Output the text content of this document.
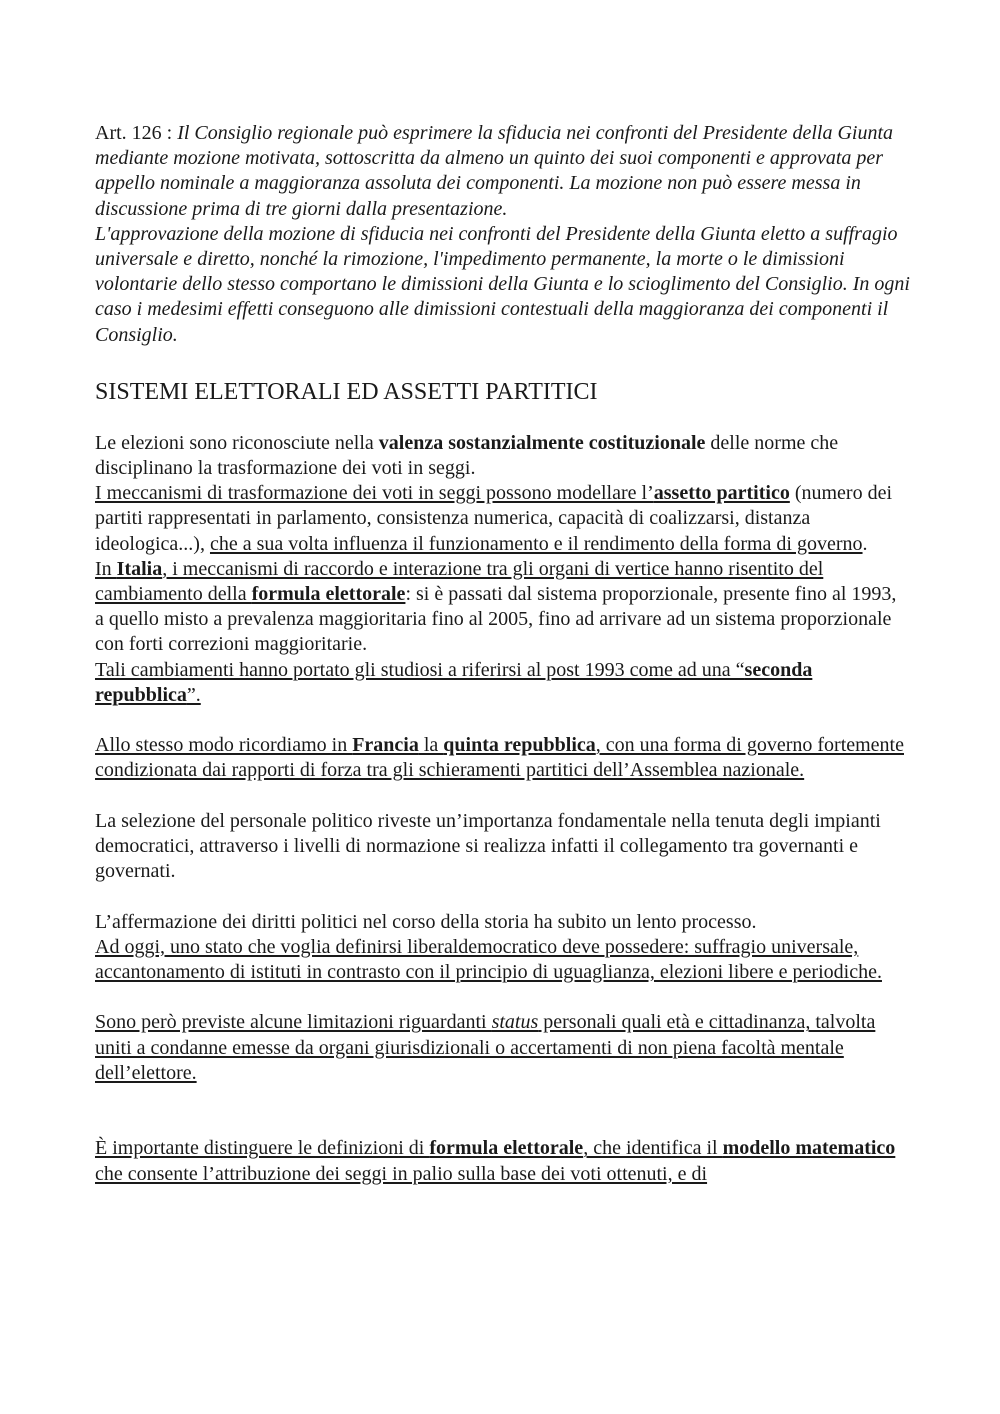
Art. 126 : Il Consiglio regionale può esprimere la sfiducia nei confronti del Presidente della Giunta mediante mozione motivata, sottoscritta da almeno un quinto dei suoi componenti e approvata per appello nominale a maggioranza assoluta dei componenti. La mozione non può essere messa in discussione prima di tre giorni dalla presentazione.
L'approvazione della mozione di sfiducia nei confronti del Presidente della Giunta eletto a suffragio universale e diretto, nonché la rimozione, l'impedimento permanente, la morte o le dimissioni volontarie dello stesso comportano le dimissioni della Giunta e lo scioglimento del Consiglio. In ogni caso i medesimi effetti conseguono alle dimissioni contestuali della maggioranza dei componenti il Consiglio.

SISTEMI ELETTORALI ED ASSETTI PARTITICI

Le elezioni sono riconosciute nella valenza sostanzialmente costituzionale delle norme che disciplinano la trasformazione dei voti in seggi.

I meccanismi di trasformazione dei voti in seggi possono modellare l’assetto partitico (numero dei partiti rappresentati in parlamento, consistenza numerica, capacità di coalizzarsi, distanza ideologica...), che a sua volta influenza il funzionamento e il rendimento della forma di governo.

In Italia, i meccanismi di raccordo e interazione tra gli organi di vertice hanno risentito del cambiamento della formula elettorale: si è passati dal sistema proporzionale, presente fino al 1993, a quello misto a prevalenza maggioritaria fino al 2005, fino ad arrivare ad un sistema proporzionale con forti correzioni maggioritarie.

Tali cambiamenti hanno portato gli studiosi a riferirsi al post 1993 come ad una “seconda repubblica”.

Allo stesso modo ricordiamo in Francia la quinta repubblica, con una forma di governo fortemente condizionata dai rapporti di forza tra gli schieramenti partitici dell’Assemblea nazionale.

La selezione del personale politico riveste un’importanza fondamentale nella tenuta degli impianti democratici, attraverso i livelli di normazione si realizza infatti il collegamento tra governanti e governati.

L’affermazione dei diritti politici nel corso della storia ha subito un lento processo.

Ad oggi, uno stato che voglia definirsi liberaldemocratico deve possedere: suffragio universale, accantonamento di istituti in contrasto con il principio di uguaglianza, elezioni libere e periodiche.

Sono però previste alcune limitazioni riguardanti status personali quali età e cittadinanza, talvolta uniti a condanne emesse da organi giurisdizionali o accertamenti di non piena facoltà mentale dell’elettore.

È importante distinguere le definizioni di formula elettorale, che identifica il modello matematico che consente l’attribuzione dei seggi in palio sulla base dei voti ottenuti, e di
